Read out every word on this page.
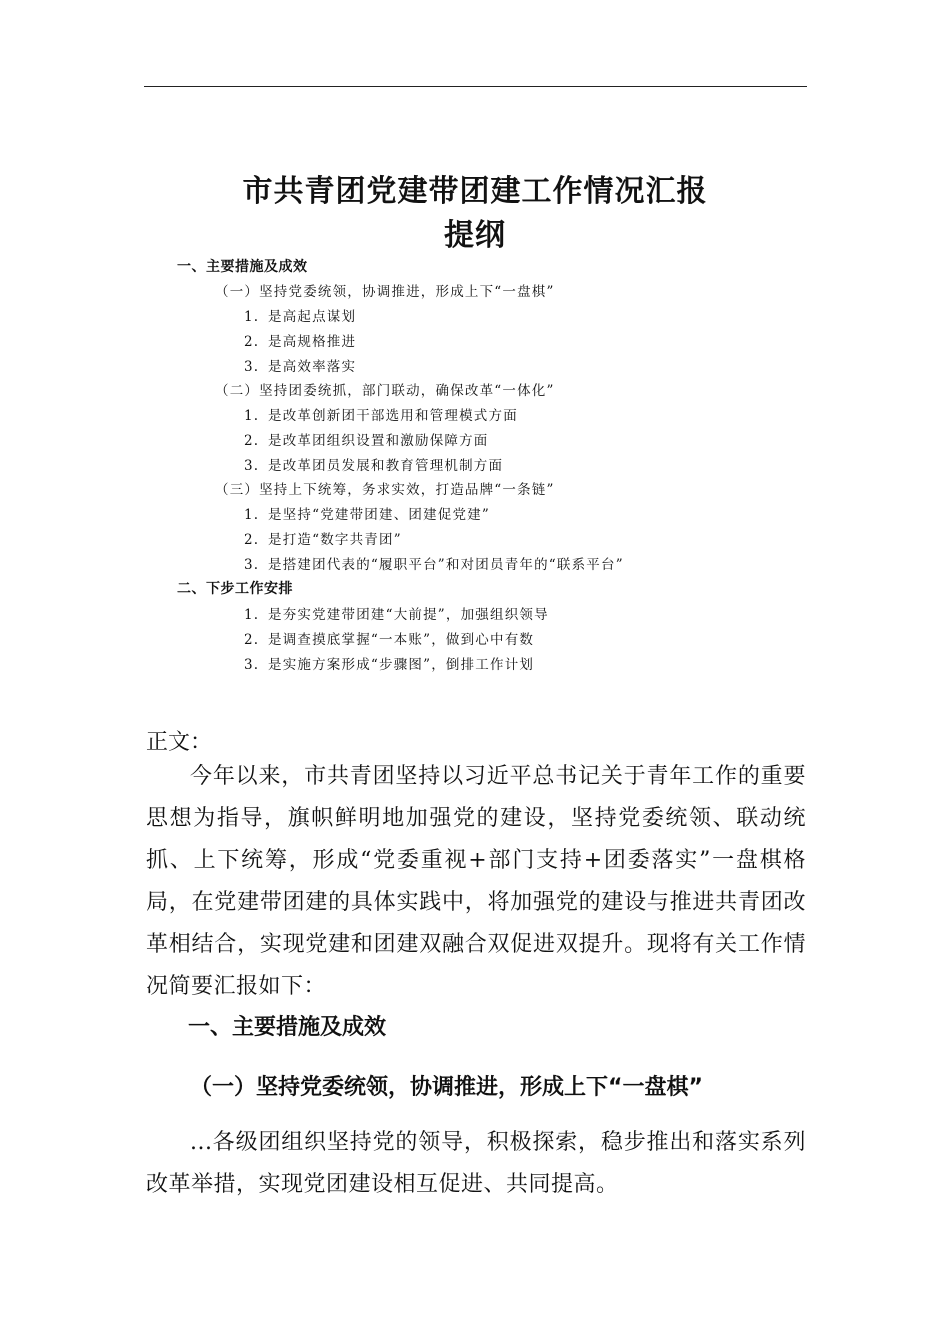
市共青团党建带团建工作情况汇报
提纲
一、主要措施及成效
（一）坚持党委统领，协调推进，形成上下“一盘棋”
1. 是高起点谋划
2. 是高规格推进
3. 是高效率落实
（二）坚持团委统抓，部门联动，确保改革“一体化”
1. 是改革创新团干部选用和管理模式方面
2. 是改革团组织设置和激励保障方面
3. 是改革团员发展和教育管理机制方面
（三）坚持上下统筹，务求实效，打造品牌“一条链”
1. 是坚持“党建带团建、团建促党建”
2. 是打造“数字共青团”
3. 是搭建团代表的“履职平台”和对团员青年的“联系平台”
二、下步工作安排
1. 是夯实党建带团建“大前提”，加强组织领导
2. 是调查摸底掌握“一本账”，做到心中有数
3. 是实施方案形成“步骤图”，倒排工作计划
正文：
今年以来，市共青团坚持以习近平总书记关于青年工作的重要思想为指导，旗帜鲜明地加强党的建设，坚持党委统领、联动统抓、上下统筹，形成“党委重视+部门支持+团委落实”一盘棋格局，在党建带团建的具体实践中，将加强党的建设与推进共青团改革相结合，实现党建和团建双融合双促进双提升。现将有关工作情况简要汇报如下：
一、主要措施及成效
（一）坚持党委统领，协调推进，形成上下“一盘棋”
...各级团组织坚持党的领导，积极探索，稳步推出和落实系列改革举措，实现党团建设相互促进、共同提高。
